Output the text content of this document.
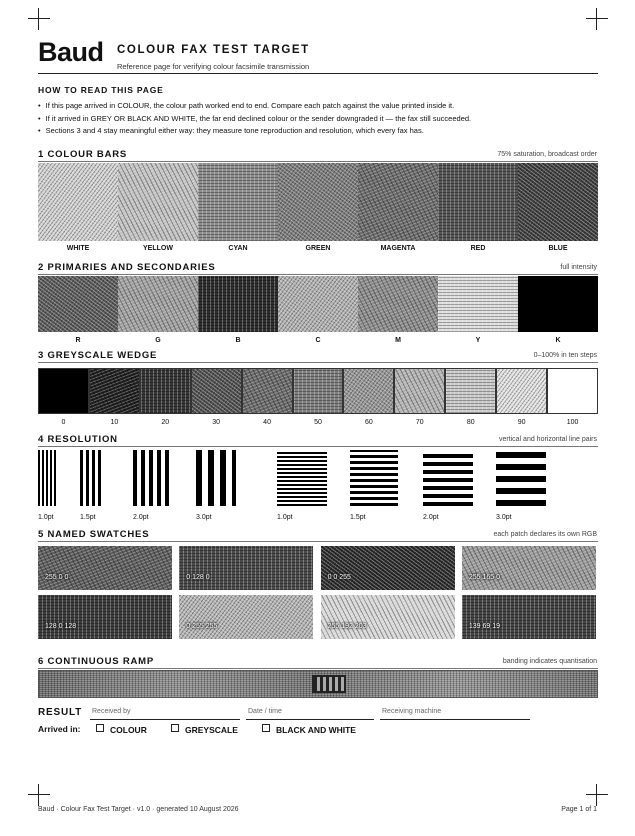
Baud COLOUR FAX TEST TARGET
Reference page for verifying colour facsimile transmission
HOW TO READ THIS PAGE
• If this page arrived in COLOUR, the colour path worked end to end. Compare each patch against the value printed inside it.
• If it arrived in GREY OR BLACK AND WHITE, the far end declined colour or the sender downgraded it — the fax still succeeded.
• Sections 3 and 4 stay meaningful either way: they measure tone reproduction and resolution, which every fax has.
1 COLOUR BARS	75% saturation, broadcast order
2 PRIMARIES AND SECONDARIES	full intensity
3 GREYSCALE WEDGE	0–100% in ten steps
4 RESOLUTION	vertical and horizontal line pairs
5 NAMED SWATCHES	each patch declares its own RGB
6 CONTINUOUS RAMP	banding indicates quantisation
RESULT Received by	Date / time	Receiving machine
Arrived in:	COLOUR	GREYSCALE	BLACK AND WHITE
Baud · Colour Fax Test Target · v1.0 · generated 10 August 2026	Page 1 of 1
WHITE	YELLOW	CYAN	GREEN	MAGENTA	RED	BLUE
R	G	B	C	M	Y	K
0	10	20	30	40	50	60	70	80	90	100
1.0pt	1.5pt	2.0pt	3.0pt	1.0pt	1.5pt	2.0pt	3.0pt
255 0 0	0 128 0	0 0 255	255 165 0
128 0 128	0 255 255	255 192 203	139 69 19
